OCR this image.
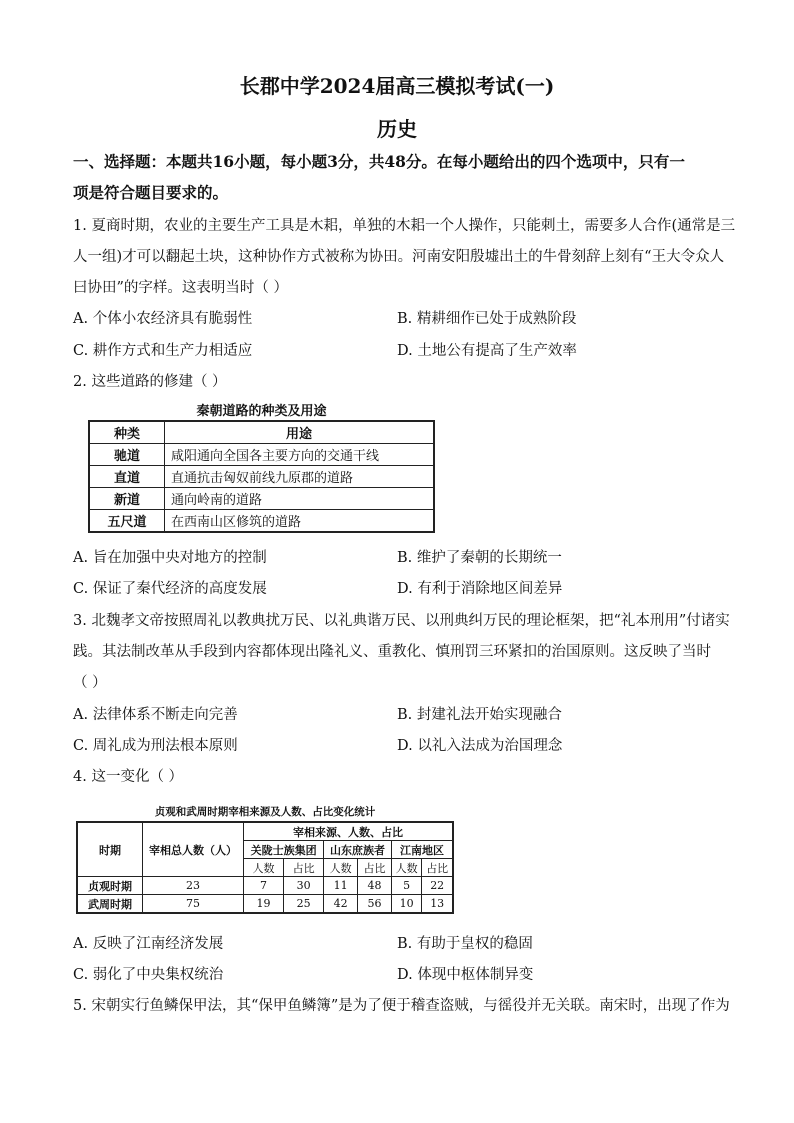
长郡中学2024届高三模拟考试(一)
历史
一、选择题：本题共16小题，每小题3分，共48分。在每小题给出的四个选项中，只有一
项是符合题目要求的。
1. 夏商时期，农业的主要生产工具是木耜，单独的木耜一个人操作，只能刺土，需要多人合作(通常是三
人一组)才可以翻起土块，这种协作方式被称为协田。河南安阳殷墟出土的牛骨刻辞上刻有“王大令众人
曰协田”的字样。这表明当时（ ）
A. 个体小农经济具有脆弱性	B. 精耕细作已处于成熟阶段
C. 耕作方式和生产力相适应	D. 土地公有提高了生产效率
2. 这些道路的修建（ ）
秦朝道路的种类及用途
种类	用途
驰道	咸阳通向全国各主要方向的交通干线
直道	直通抗击匈奴前线九原郡的道路
新道	通向岭南的道路
五尺道	在西南山区修筑的道路
A. 旨在加强中央对地方的控制	B. 维护了秦朝的长期统一
C. 保证了秦代经济的高度发展	D. 有利于消除地区间差异
3. 北魏孝文帝按照周礼以教典扰万民、以礼典谐万民、以刑典纠万民的理论框架，把“礼本刑用”付诸实
践。其法制改革从手段到内容都体现出隆礼义、重教化、慎刑罚三环紧扣的治国原则。这反映了当时
（ ）
A. 法律体系不断走向完善	B. 封建礼法开始实现融合
C. 周礼成为刑法根本原则	D. 以礼入法成为治国理念
4. 这一变化（ ）
贞观和武周时期宰相来源及人数、占比变化统计
时期	宰相总人数（人）	宰相来源、人数、占比					
		关陇士族集团		山东庶族者		江南地区	
		人数	占比	人数	占比	人数	占比
贞观时期	23	7	30	11	48	5	22
武周时期	75	19	25	42	56	10	13
A. 反映了江南经济发展	B. 有助于皇权的稳固
C. 弱化了中央集权统治	D. 体现中枢体制异变
5. 宋朝实行鱼鳞保甲法，其“保甲鱼鳞簿”是为了便于稽查盗贼，与徭役并无关联。南宋时，出现了作为
